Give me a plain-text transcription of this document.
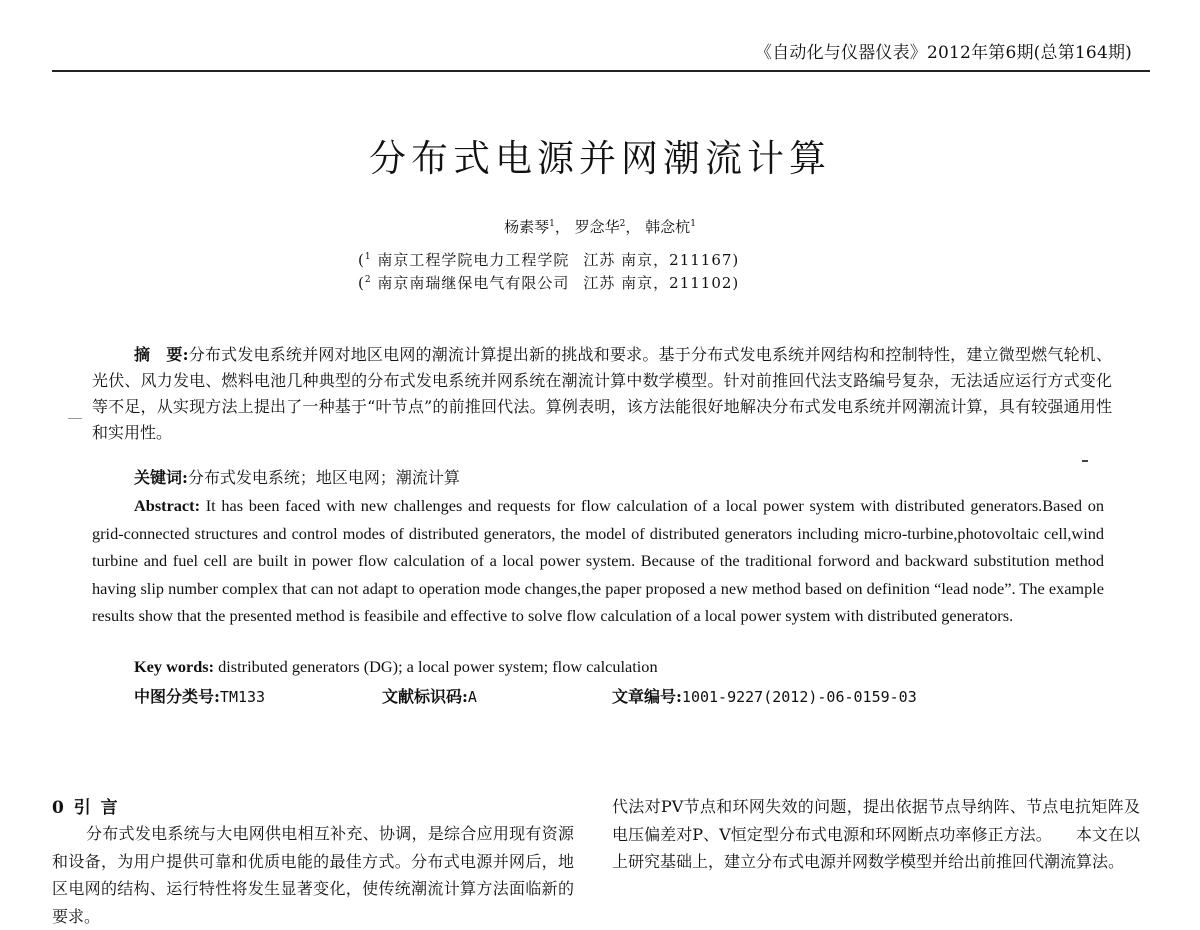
《自动化与仪器仪表》2012年第6期(总第164期)
分布式电源并网潮流计算
杨素琴$^1$， 罗念华$^2$， 韩念杭$^1$
($^1$ 南京工程学院电力工程学院 江苏 南京，211167)
($^2$ 南京南瑞继保电气有限公司 江苏 南京，211102)
摘　要:分布式发电系统并网对地区电网的潮流计算提出新的挑战和要求。基于分布式发电系统并网结构和控制特性，建立微型燃气轮机、光伏、风力发电、燃料电池几种典型的分布式发电系统并网系统在潮流计算中数学模型。针对前推回代法支路编号复杂，无法适应运行方式变化等不足，从实现方法上提出了一种基于“叶节点”的前推回代法。算例表明，该方法能很好地解决分布式发电系统并网潮流计算，具有较强通用性和实用性。
关键词:分布式发电系统；地区电网；潮流计算
Abstract: It has been faced with new challenges and requests for flow calculation of a local power system with distributed generators.Based on grid-connected structures and control modes of distributed generators, the model of distributed generators including micro-turbine,photovoltaic cell,wind turbine and fuel cell are built in power flow calculation of a local power system. Because of the traditional forword and backward substitution method having slip number complex that can not adapt to operation mode changes,the paper proposed a new method based on definition “lead node”. The example results show that the presented method is feasibile and effective to solve flow calculation of a local power system with distributed generators.
Key words: distributed generators (DG); a local power system; flow calculation
中图分类号:TM133	文献标识码:A	文章编号:1001-9227(2012)-06-0159-03
0 引 言
分布式发电系统与大电网供电相互补充、协调，是综合应用现有资源和设备，为用户提供可靠和优质电能的最佳方式。分布式电源并网后，地区电网的结构、运行特性将发生显著变化，使传统潮流计算方法面临新的要求。
代法对PV节点和环网失效的问题，提出依据节点导纳阵、节点电抗矩阵及电压偏差对P、V恒定型分布式电源和环网断点功率修正方法。　　本文在以上研究基础上，建立分布式电源并网数学模型并给出前推回代潮流算法。
